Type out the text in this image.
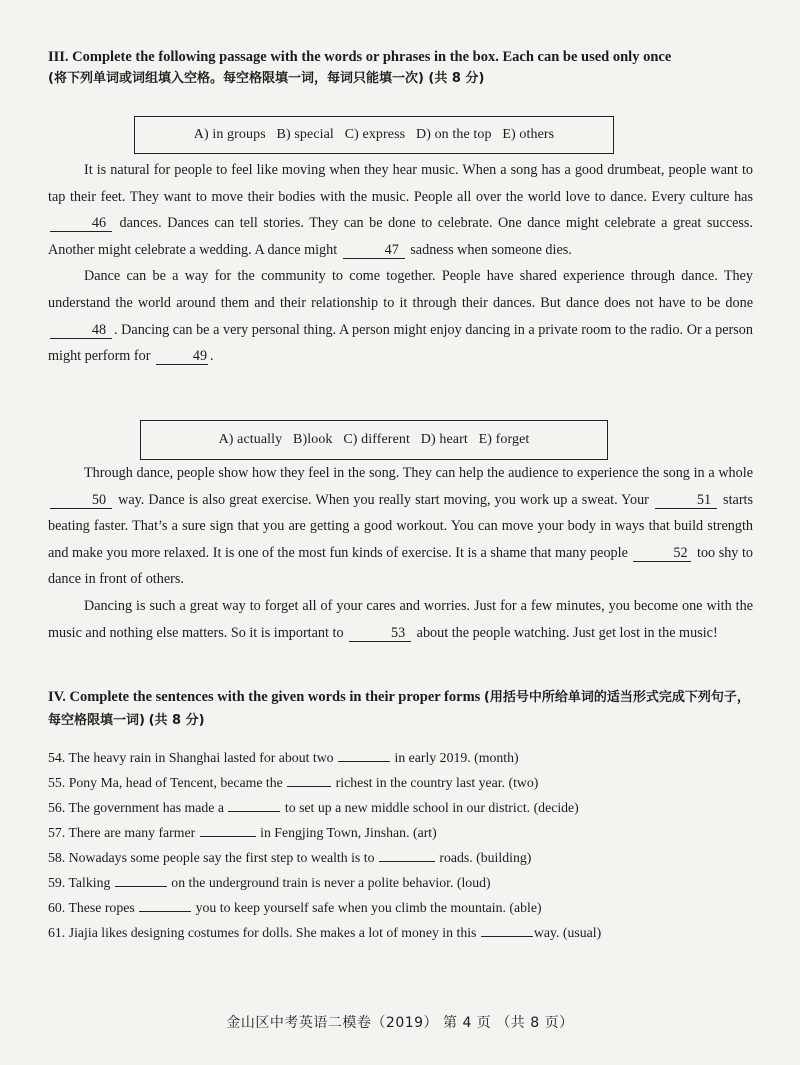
III. Complete the following passage with the words or phrases in the box. Each can be used only once
(将下列单词或词组填入空格。每空格限填一词，每词只能填一次) (共 8 分)
A) in groups   B) special   C) express   D) on the top   E) others

It is natural for people to feel like moving when they hear music. When a song has a good drumbeat, people want to tap their feet. They want to move their bodies with the music. People all over the world love to dance. Every culture has 46 dances. Dances can tell stories. They can be done to celebrate. One dance might celebrate a great success. Another might celebrate a wedding. A dance might	47 sadness when someone dies.

Dance can be a way for the community to come together. People have shared experience through dance. They understand the world around them and their relationship to it through their dances. But dance does not have to be done 48 . Dancing can be a very personal thing. A person might enjoy dancing in a private room to the radio. Or a person might perform for	49 .

A) actually   B)look   C) different   D) heart   E) forget

Through dance, people show how they feel in the song. They can help the audience to experience the song in a whole 50 way. Dance is also great exercise. When you really start moving, you work up a sweat. Your	51 starts beating faster. That’s a sure sign that you are getting a good workout. You can move your body in ways that build strength and make you more relaxed. It is one of the most fun kinds of exercise. It is a shame that many people	52 too shy to dance in front of others.

Dancing is such a great way to forget all of your cares and worries. Just for a few minutes, you become one with the music and nothing else matters. So it is important to	53 about the people watching. Just get lost in the music!

IV. Complete the sentences with the given words in their proper forms (用括号中所给单词的适当形式完成下列句子，每空格限填一词) (共 8 分)
54. The heavy rain in Shanghai lasted for about two	in early 2019. (month)
55. Pony Ma, head of Tencent, became the	richest in the country last year. (two)
56. The government has made a	to set up a new middle school in our district. (decide)
57. There are many farmer	in Fengjing Town, Jinshan. (art)
58. Nowadays some people say the first step to wealth is to	roads. (building)
59. Talking	on the underground train is never a polite behavior. (loud)
60. These ropes	you to keep yourself safe when you climb the mountain. (able)
61. Jiajia likes designing costumes for dolls. She makes a lot of money in this	way. (usual)
金山区中考英语二模卷（2019） 第 4 页 （共 8 页）
